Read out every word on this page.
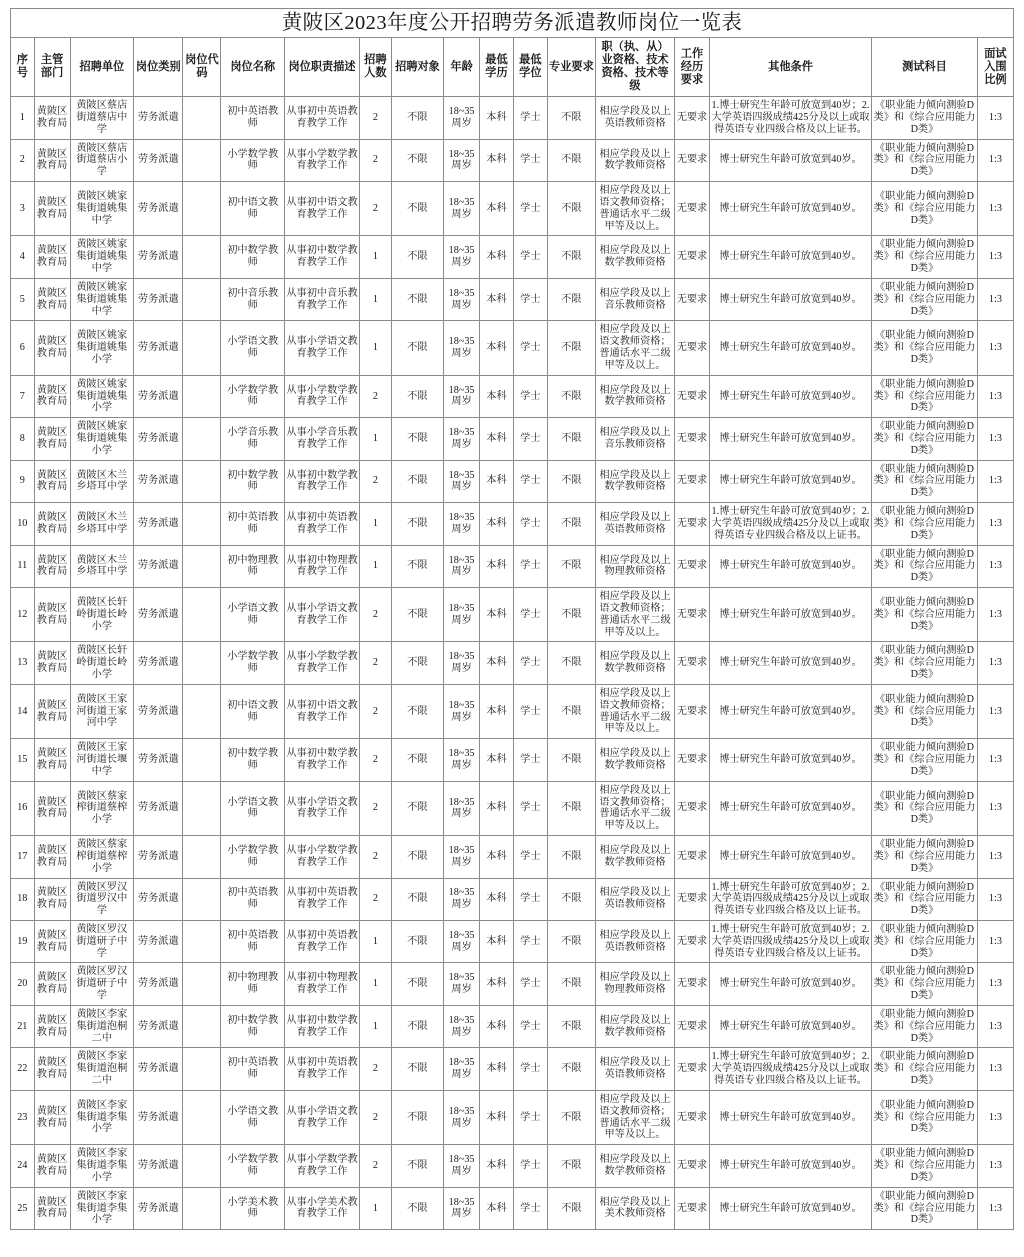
黄陂区2023年度公开招聘劳务派遣教师岗位一览表																	
序号	主管部门	招聘单位	岗位类别	岗位代码	岗位名称	岗位职责描述	招聘人数	招聘对象	年龄	最低学历	最低学位	专业要求	职（执、从）业资格、技术资格、技术等级	工作经历要求	其他条件	测试科目	面试入围比例
1	黄陂区教育局	黄陂区蔡店街道蔡店中学	劳务派遣		初中英语教师	从事初中英语教育教学工作	2	不限	18~35周岁	本科	学士	不限	相应学段及以上英语教师资格	无要求	1.博士研究生年龄可放宽到40岁；2.大学英语四级成绩425分及以上或取得英语专业四级合格及以上证书。	《职业能力倾向测验D类》和《综合应用能力D类》	1:3
2	黄陂区教育局	黄陂区蔡店街道蔡店小学	劳务派遣		小学数学教师	从事小学数学教育教学工作	2	不限	18~35周岁	本科	学士	不限	相应学段及以上数学教师资格	无要求	博士研究生年龄可放宽到40岁。	《职业能力倾向测验D类》和《综合应用能力D类》	1:3
3	黄陂区教育局	黄陂区姚家集街道姚集中学	劳务派遣		初中语文教师	从事初中语文教育教学工作	2	不限	18~35周岁	本科	学士	不限	相应学段及以上语文教师资格；普通话水平二级甲等及以上。	无要求	博士研究生年龄可放宽到40岁。	《职业能力倾向测验D类》和《综合应用能力D类》	1:3
4	黄陂区教育局	黄陂区姚家集街道姚集中学	劳务派遣		初中数学教师	从事初中数学教育教学工作	1	不限	18~35周岁	本科	学士	不限	相应学段及以上数学教师资格	无要求	博士研究生年龄可放宽到40岁。	《职业能力倾向测验D类》和《综合应用能力D类》	1:3
5	黄陂区教育局	黄陂区姚家集街道姚集中学	劳务派遣		初中音乐教师	从事初中音乐教育教学工作	1	不限	18~35周岁	本科	学士	不限	相应学段及以上音乐教师资格	无要求	博士研究生年龄可放宽到40岁。	《职业能力倾向测验D类》和《综合应用能力D类》	1:3
6	黄陂区教育局	黄陂区姚家集街道姚集小学	劳务派遣		小学语文教师	从事小学语文教育教学工作	1	不限	18~35周岁	本科	学士	不限	相应学段及以上语文教师资格；普通话水平二级甲等及以上。	无要求	博士研究生年龄可放宽到40岁。	《职业能力倾向测验D类》和《综合应用能力D类》	1:3
7	黄陂区教育局	黄陂区姚家集街道姚集小学	劳务派遣		小学数学教师	从事小学数学教育教学工作	2	不限	18~35周岁	本科	学士	不限	相应学段及以上数学教师资格	无要求	博士研究生年龄可放宽到40岁。	《职业能力倾向测验D类》和《综合应用能力D类》	1:3
8	黄陂区教育局	黄陂区姚家集街道姚集小学	劳务派遣		小学音乐教师	从事小学音乐教育教学工作	1	不限	18~35周岁	本科	学士	不限	相应学段及以上音乐教师资格	无要求	博士研究生年龄可放宽到40岁。	《职业能力倾向测验D类》和《综合应用能力D类》	1:3
9	黄陂区教育局	黄陂区木兰乡塔耳中学	劳务派遣		初中数学教师	从事初中数学教育教学工作	2	不限	18~35周岁	本科	学士	不限	相应学段及以上数学教师资格	无要求	博士研究生年龄可放宽到40岁。	《职业能力倾向测验D类》和《综合应用能力D类》	1:3
10	黄陂区教育局	黄陂区木兰乡塔耳中学	劳务派遣		初中英语教师	从事初中英语教育教学工作	1	不限	18~35周岁	本科	学士	不限	相应学段及以上英语教师资格	无要求	1.博士研究生年龄可放宽到40岁；2.大学英语四级成绩425分及以上或取得英语专业四级合格及以上证书。	《职业能力倾向测验D类》和《综合应用能力D类》	1:3
11	黄陂区教育局	黄陂区木兰乡塔耳中学	劳务派遣		初中物理教师	从事初中物理教育教学工作	1	不限	18~35周岁	本科	学士	不限	相应学段及以上物理教师资格	无要求	博士研究生年龄可放宽到40岁。	《职业能力倾向测验D类》和《综合应用能力D类》	1:3
12	黄陂区教育局	黄陂区长轩岭街道长岭小学	劳务派遣		小学语文教师	从事小学语文教育教学工作	2	不限	18~35周岁	本科	学士	不限	相应学段及以上语文教师资格；普通话水平二级甲等及以上。	无要求	博士研究生年龄可放宽到40岁。	《职业能力倾向测验D类》和《综合应用能力D类》	1:3
13	黄陂区教育局	黄陂区长轩岭街道长岭小学	劳务派遣		小学数学教师	从事小学数学教育教学工作	2	不限	18~35周岁	本科	学士	不限	相应学段及以上数学教师资格	无要求	博士研究生年龄可放宽到40岁。	《职业能力倾向测验D类》和《综合应用能力D类》	1:3
14	黄陂区教育局	黄陂区王家河街道王家河中学	劳务派遣		初中语文教师	从事初中语文教育教学工作	2	不限	18~35周岁	本科	学士	不限	相应学段及以上语文教师资格；普通话水平二级甲等及以上。	无要求	博士研究生年龄可放宽到40岁。	《职业能力倾向测验D类》和《综合应用能力D类》	1:3
15	黄陂区教育局	黄陂区王家河街道长堰中学	劳务派遣		初中数学教师	从事初中数学教育教学工作	2	不限	18~35周岁	本科	学士	不限	相应学段及以上数学教师资格	无要求	博士研究生年龄可放宽到40岁。	《职业能力倾向测验D类》和《综合应用能力D类》	1:3
16	黄陂区教育局	黄陂区蔡家榨街道蔡榨小学	劳务派遣		小学语文教师	从事小学语文教育教学工作	2	不限	18~35周岁	本科	学士	不限	相应学段及以上语文教师资格；普通话水平二级甲等及以上。	无要求	博士研究生年龄可放宽到40岁。	《职业能力倾向测验D类》和《综合应用能力D类》	1:3
17	黄陂区教育局	黄陂区蔡家榨街道蔡榨小学	劳务派遣		小学数学教师	从事小学数学教育教学工作	2	不限	18~35周岁	本科	学士	不限	相应学段及以上数学教师资格	无要求	博士研究生年龄可放宽到40岁。	《职业能力倾向测验D类》和《综合应用能力D类》	1:3
18	黄陂区教育局	黄陂区罗汉街道罗汉中学	劳务派遣		初中英语教师	从事初中英语教育教学工作	2	不限	18~35周岁	本科	学士	不限	相应学段及以上英语教师资格	无要求	1.博士研究生年龄可放宽到40岁；2.大学英语四级成绩425分及以上或取得英语专业四级合格及以上证书。	《职业能力倾向测验D类》和《综合应用能力D类》	1:3
19	黄陂区教育局	黄陂区罗汉街道研子中学	劳务派遣		初中英语教师	从事初中英语教育教学工作	1	不限	18~35周岁	本科	学士	不限	相应学段及以上英语教师资格	无要求	1.博士研究生年龄可放宽到40岁；2.大学英语四级成绩425分及以上或取得英语专业四级合格及以上证书。	《职业能力倾向测验D类》和《综合应用能力D类》	1:3
20	黄陂区教育局	黄陂区罗汉街道研子中学	劳务派遣		初中物理教师	从事初中物理教育教学工作	1	不限	18~35周岁	本科	学士	不限	相应学段及以上物理教师资格	无要求	博士研究生年龄可放宽到40岁。	《职业能力倾向测验D类》和《综合应用能力D类》	1:3
21	黄陂区教育局	黄陂区李家集街道泡桐二中	劳务派遣		初中数学教师	从事初中数学教育教学工作	1	不限	18~35周岁	本科	学士	不限	相应学段及以上数学教师资格	无要求	博士研究生年龄可放宽到40岁。	《职业能力倾向测验D类》和《综合应用能力D类》	1:3
22	黄陂区教育局	黄陂区李家集街道泡桐二中	劳务派遣		初中英语教师	从事初中英语教育教学工作	2	不限	18~35周岁	本科	学士	不限	相应学段及以上英语教师资格	无要求	1.博士研究生年龄可放宽到40岁；2.大学英语四级成绩425分及以上或取得英语专业四级合格及以上证书。	《职业能力倾向测验D类》和《综合应用能力D类》	1:3
23	黄陂区教育局	黄陂区李家集街道李集小学	劳务派遣		小学语文教师	从事小学语文教育教学工作	2	不限	18~35周岁	本科	学士	不限	相应学段及以上语文教师资格；普通话水平二级甲等及以上。	无要求	博士研究生年龄可放宽到40岁。	《职业能力倾向测验D类》和《综合应用能力D类》	1:3
24	黄陂区教育局	黄陂区李家集街道李集小学	劳务派遣		小学数学教师	从事小学数学教育教学工作	2	不限	18~35周岁	本科	学士	不限	相应学段及以上数学教师资格	无要求	博士研究生年龄可放宽到40岁。	《职业能力倾向测验D类》和《综合应用能力D类》	1:3
25	黄陂区教育局	黄陂区李家集街道李集小学	劳务派遣		小学美术教师	从事小学美术教育教学工作	1	不限	18~35周岁	本科	学士	不限	相应学段及以上美术教师资格	无要求	博士研究生年龄可放宽到40岁。	《职业能力倾向测验D类》和《综合应用能力D类》	1:3
